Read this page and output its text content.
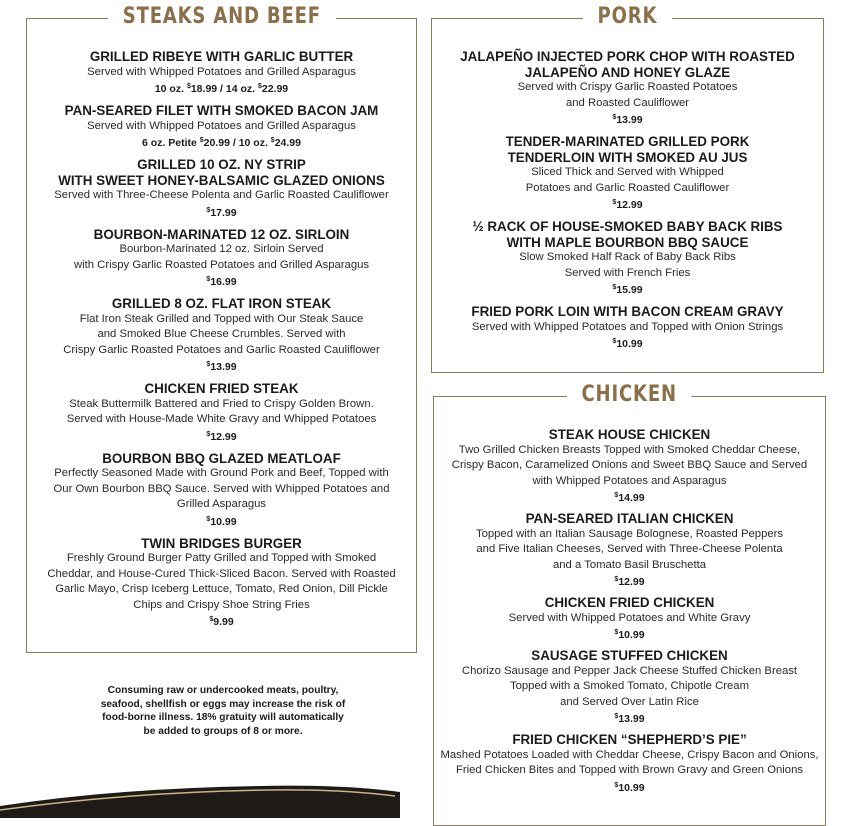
STEAKS AND BEEF
GRILLED RIBEYE WITH GARLIC BUTTER
Served with Whipped Potatoes and Grilled Asparagus
10 oz. $18.99 / 14 oz. $22.99
PAN-SEARED FILET WITH SMOKED BACON JAM
Served with Whipped Potatoes and Grilled Asparagus
6 oz. Petite $20.99 / 10 oz. $24.99
GRILLED 10 OZ. NY STRIP
WITH SWEET HONEY-BALSAMIC GLAZED ONIONS
Served with Three-Cheese Polenta and Garlic Roasted Cauliflower
$17.99
BOURBON-MARINATED 12 OZ. SIRLOIN
Bourbon-Marinated 12 oz. Sirloin Served
with Crispy Garlic Roasted Potatoes and Grilled Asparagus
$16.99
GRILLED 8 OZ. FLAT IRON STEAK
Flat Iron Steak Grilled and Topped with Our Steak Sauce
and Smoked Blue Cheese Crumbles. Served with
Crispy Garlic Roasted Potatoes and Garlic Roasted Cauliflower
$13.99
CHICKEN FRIED STEAK
Steak Buttermilk Battered and Fried to Crispy Golden Brown.
Served with House-Made White Gravy and Whipped Potatoes
$12.99
BOURBON BBQ GLAZED MEATLOAF
Perfectly Seasoned Made with Ground Pork and Beef, Topped with
Our Own Bourbon BBQ Sauce. Served with Whipped Potatoes and
Grilled Asparagus
$10.99
TWIN BRIDGES BURGER
Freshly Ground Burger Patty Grilled and Topped with Smoked
Cheddar, and House-Cured Thick-Sliced Bacon. Served with Roasted
Garlic Mayo, Crisp Iceberg Lettuce, Tomato, Red Onion, Dill Pickle
Chips and Crispy Shoe String Fries
$9.99
PORK
JALAPEÑO INJECTED PORK CHOP WITH ROASTED
JALAPEÑO AND HONEY GLAZE
Served with Crispy Garlic Roasted Potatoes
and Roasted Cauliflower
$13.99
TENDER-MARINATED GRILLED PORK
TENDERLOIN WITH SMOKED AU JUS
Sliced Thick and Served with Whipped
Potatoes and Garlic Roasted Cauliflower
$12.99
½ RACK OF HOUSE-SMOKED BABY BACK RIBS
WITH MAPLE BOURBON BBQ SAUCE
Slow Smoked Half Rack of Baby Back Ribs
Served with French Fries
$15.99
FRIED PORK LOIN WITH BACON CREAM GRAVY
Served with Whipped Potatoes and Topped with Onion Strings
$10.99
CHICKEN
STEAK HOUSE CHICKEN
Two Grilled Chicken Breasts Topped with Smoked Cheddar Cheese,
Crispy Bacon, Caramelized Onions and Sweet BBQ Sauce and Served
with Whipped Potatoes and Asparagus
$14.99
PAN-SEARED ITALIAN CHICKEN
Topped with an Italian Sausage Bolognese, Roasted Peppers
and Five Italian Cheeses, Served with Three-Cheese Polenta
and a Tomato Basil Bruschetta
$12.99
CHICKEN FRIED CHICKEN
Served with Whipped Potatoes and White Gravy
$10.99
SAUSAGE STUFFED CHICKEN
Chorizo Sausage and Pepper Jack Cheese Stuffed Chicken Breast
Topped with a Smoked Tomato, Chipotle Cream
and Served Over Latin Rice
$13.99
FRIED CHICKEN “SHEPHERD’S PIE”
Mashed Potatoes Loaded with Cheddar Cheese, Crispy Bacon and Onions,
Fried Chicken Bites and Topped with Brown Gravy and Green Onions
$10.99
Consuming raw or undercooked meats, poultry,
seafood, shellfish or eggs may increase the risk of
food-borne illness. 18% gratuity will automatically
be added to groups of 8 or more.
